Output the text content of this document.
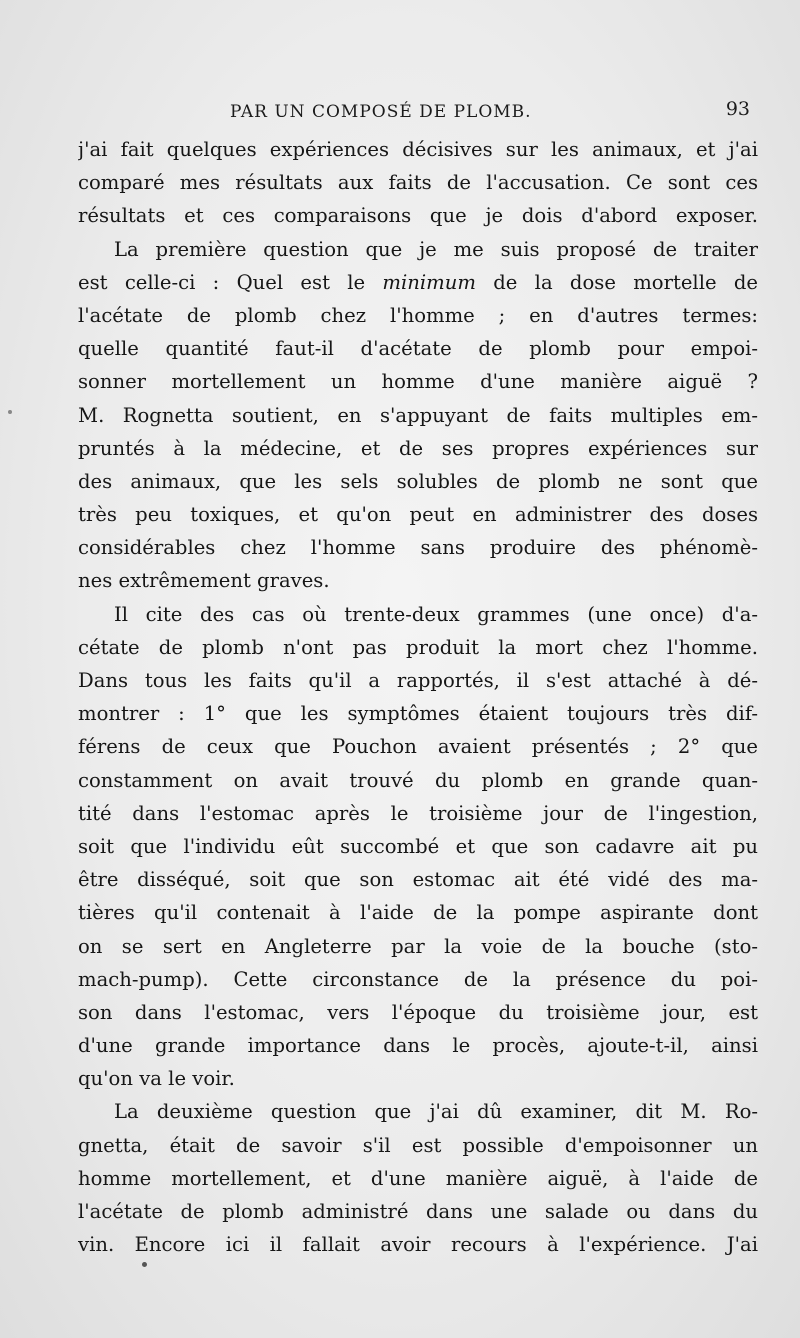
PAR UN COMPOSÉ DE PLOMB.	93
j'ai fait quelques expériences décisives sur les animaux, et j'ai
comparé mes résultats aux faits de l'accusation. Ce sont ces
résultats et ces comparaisons que je dois d'abord exposer.
La première question que je me suis proposé de traiter
est celle-ci : Quel est le minimum de la dose mortelle de
l'acétate de plomb chez l'homme ; en d'autres termes:
quelle quantité faut-il d'acétate de plomb pour empoi-
sonner mortellement un homme d'une manière aiguë ?
M. Rognetta soutient, en s'appuyant de faits multiples em-
pruntés à la médecine, et de ses propres expériences sur
des animaux, que les sels solubles de plomb ne sont que
très peu toxiques, et qu'on peut en administrer des doses
considérables chez l'homme sans produire des phénomè-
nes extrêmement graves.
Il cite des cas où trente-deux grammes (une once) d'a-
cétate de plomb n'ont pas produit la mort chez l'homme.
Dans tous les faits qu'il a rapportés, il s'est attaché à dé-
montrer : 1° que les symptômes étaient toujours très dif-
férens de ceux que Pouchon avaient présentés ; 2° que
constamment on avait trouvé du plomb en grande quan-
tité dans l'estomac après le troisième jour de l'ingestion,
soit que l'individu eût succombé et que son cadavre ait pu
être disséqué, soit que son estomac ait été vidé des ma-
tières qu'il contenait à l'aide de la pompe aspirante dont
on se sert en Angleterre par la voie de la bouche (sto-
mach-pump). Cette circonstance de la présence du poi-
son dans l'estomac, vers l'époque du troisième jour, est
d'une grande importance dans le procès, ajoute-t-il, ainsi
qu'on va le voir.
La deuxième question que j'ai dû examiner, dit M. Ro-
gnetta, était de savoir s'il est possible d'empoisonner un
homme mortellement, et d'une manière aiguë, à l'aide de
l'acétate de plomb administré dans une salade ou dans du
vin. Encore ici il fallait avoir recours à l'expérience. J'ai
